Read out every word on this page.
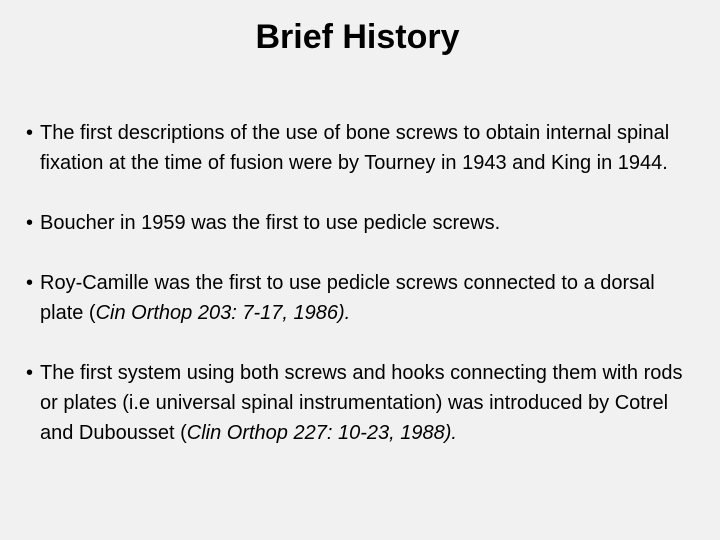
Brief History
• The first descriptions of the use of bone screws to obtain internal spinal fixation at the time of fusion were by Tourney in 1943 and King in 1944.
• Boucher in 1959 was the first to use pedicle screws.
• Roy-Camille was the first to use pedicle screws connected to a dorsal plate (Cin Orthop 203: 7-17, 1986).
• The first system using both screws and hooks connecting them with rods or plates (i.e universal spinal instrumentation) was introduced by Cotrel and Dubousset (Clin Orthop 227: 10-23, 1988).
